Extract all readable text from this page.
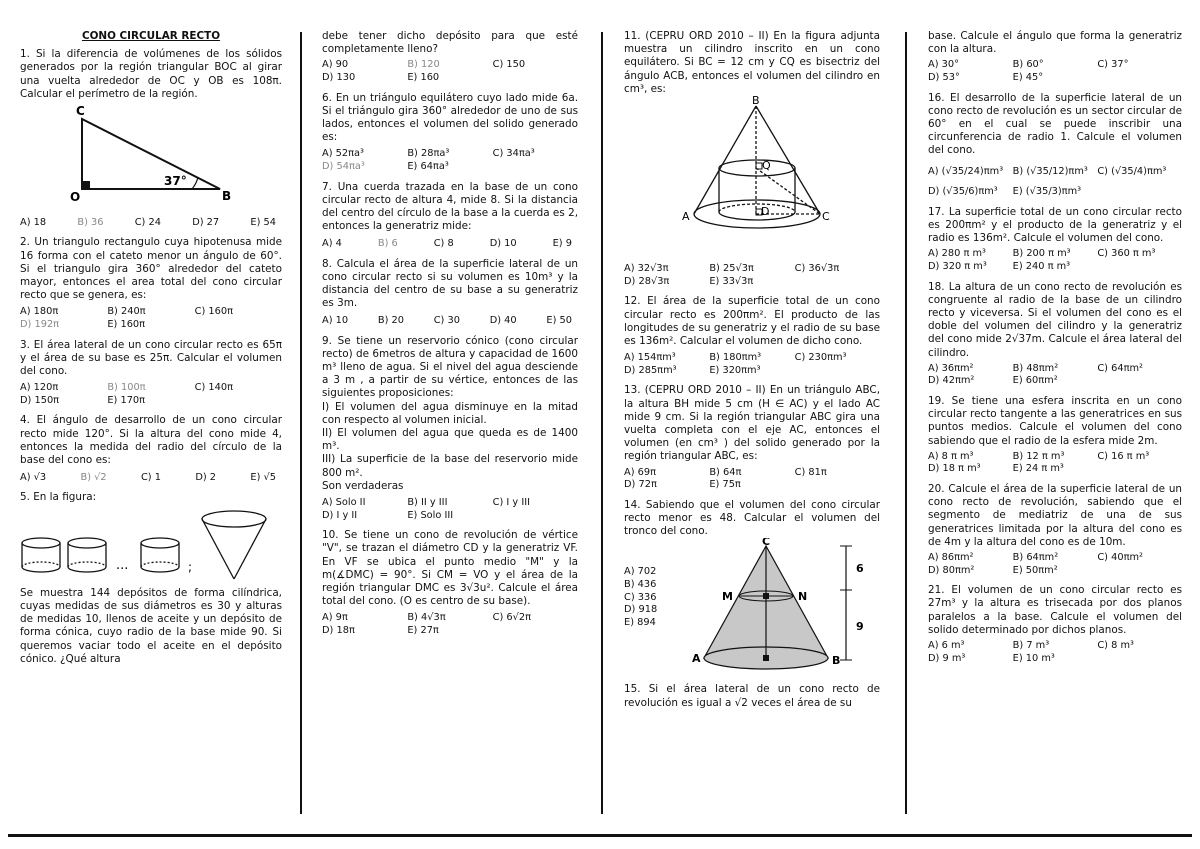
CONO CIRCULAR RECTO

1. Si la diferencia de volúmenes de los sólidos generados por la región triangular BOC al girar una vuelta alrededor de OC y OB es 108π. Calcular el perímetro de la región.

C
O	B
37°
A) 18	B) 36	C) 24	D) 27	E) 54

2. Un triangulo rectangulo cuya hipotenusa mide 16 forma con el cateto menor un ángulo de 60°. Si el triangulo gira 360° alrededor del cateto mayor, entonces el area total del cono circular recto que se genera, es:

A) 180π	B) 240π	C) 160π
D) 192π	E) 160π

3. El área lateral de un cono circular recto es 65π y el área de su base es 25π. Calcular el volumen del cono.

A) 120π	B) 100π	C) 140π
D) 150π	E) 170π

4. El ángulo de desarrollo de un cono circular recto mide 120°. Si la altura del cono mide 4, entonces la medida del radio del círculo de la base del cono es:

A) √3	B) √2	C) 1	D) 2	E) √5

5. En la figura:

...	;

Se muestra 144 depósitos de forma cilíndrica, cuyas medidas de sus diámetros es 30 y alturas de medidas 10, llenos de aceite y un depósito de forma cónica, cuyo radio de la base mide 90. Si queremos vaciar todo el aceite en el depósito cónico. ¿Qué altura

debe tener dicho depósito para que esté completamente lleno?

A) 90	B) 120	C) 150
D) 130	E) 160

6. En un triángulo equilátero cuyo lado mide 6a. Si el triángulo gira 360° alrededor de uno de sus lados, entonces el volumen del solido generado es:

A) 52πa³	B) 28πa³	C) 34πa³
D) 54πa³	E) 64πa³

7. Una cuerda trazada en la base de un cono circular recto de altura 4, mide 8. Si la distancia del centro del círculo de la base a la cuerda es 2, entonces la generatriz mide:

A) 4	B) 6	C) 8	D) 10	E) 9

8. Calcula el área de la superficie lateral de un cono circular recto si su volumen es 10m³ y la distancia del centro de su base a su generatriz es 3m.

A) 10	B) 20	C) 30	D) 40	E) 50

9. Se tiene un reservorio cónico (cono circular recto) de 6metros de altura y capacidad de 1600 m³ lleno de agua. Si el nivel del agua desciende a 3 m , a partir de su vértice, entonces de las siguientes proposiciones:

I) El volumen del agua disminuye en la mitad con respecto al volumen inicial.

II) El volumen del agua que queda es de 1400 m³.

III) La superficie de la base del reservorio mide 800 m².

Son verdaderas

A) Solo II	B) II y III	C) I y III
D) I y II	E) Solo III

10. Se tiene un cono de revolución de vértice "V", se trazan el diámetro CD y la generatriz VF. En VF se ubica el punto medio "M" y la m(∡DMC) = 90°. Si CM = VO y el área de la región triangular DMC es 3√3u². Calcule el área total del cono. (O es centro de su base).

A) 9π	B) 4√3π	C) 6√2π
D) 18π	E) 27π

11. (CEPRU ORD 2010 – II) En la figura adjunta muestra un cilindro inscrito en un cono equilátero. Si BC = 12 cm y CQ es bisectriz del ángulo ACB, entonces el volumen del cilindro en cm³, es:

B
A	C
Q
D
A) 32√3π	B) 25√3π	C) 36√3π
D) 28√3π	E) 33√3π

12. El área de la superficie total de un cono circular recto es 200πm². El producto de las longitudes de su generatriz y el radio de su base es 136m². Calcular el volumen de dicho cono.

A) 154πm³	B) 180πm³	C) 230πm³
D) 285πm³	E) 320πm³

13. (CEPRU ORD 2010 – II) En un triángulo ABC, la altura BH mide 5 cm (H ∈ AC) y el lado AC mide 9 cm. Si la región triangular ABC gira una vuelta completa con el eje AC, entonces el volumen (en cm³ ) del solido generado por la región triangular ABC, es:

A) 69π	B) 64π	C) 81π
D) 72π	E) 75π

14. Sabiendo que el volumen del cono circular recto menor es 48. Calcular el volumen del tronco del cono.

A) 702
B) 436
C) 336
D) 918
E) 894
C
M	N
A	B
6
9

15. Si el área lateral de un cono recto de revolución es igual a √2 veces el área de su

base. Calcule el ángulo que forma la generatriz con la altura.

A) 30°	B) 60°	C) 37°
D) 53°	E) 45°

16. El desarrollo de la superficie lateral de un cono recto de revolución es un sector circular de 60° en el cual se puede inscribir una circunferencia de radio 1. Calcule el volumen del cono.

A) (√35/24)πm³ B) (√35/12)πm³ C) (√35/4)πm³
D) (√35/6)πm³	E) (√35/3)πm³

17. La superficie total de un cono circular recto es 200πm² y el producto de la generatriz y el radio es 136m². Calcule el volumen del cono.

A) 280 π m³	B) 200 π m³	C) 360 π m³
D) 320 π m³	E) 240 π m³

18. La altura de un cono recto de revolución es congruente al radio de la base de un cilindro recto y viceversa. Si el volumen del cono es el doble del volumen del cilindro y la generatriz del cono mide 2√37m. Calcule el área lateral del cilindro.

A) 36πm²	B) 48πm²	C) 64πm²
D) 42πm²	E) 60πm²

19. Se tiene una esfera inscrita en un cono circular recto tangente a las generatrices en sus puntos medios. Calcule el volumen del cono sabiendo que el radio de la esfera mide 2m.

A) 8 π m³	B) 12 π m³	C) 16 π m³
D) 18 π m³	E) 24 π m³

20. Calcule el área de la superficie lateral de un cono recto de revolución, sabiendo que el segmento de mediatriz de una de sus generatrices limitada por la altura del cono es de 4m y la altura del cono es de 10m.

A) 86πm²	B) 64πm²	C) 40πm²
D) 80πm²	E) 50πm²

21. El volumen de un cono circular recto es 27m³ y la altura es trisecada por dos planos paralelos a la base. Calcule el volumen del solido determinado por dichos planos.

A) 6 m³	B) 7 m³	C) 8 m³
D) 9 m³	E) 10 m³
